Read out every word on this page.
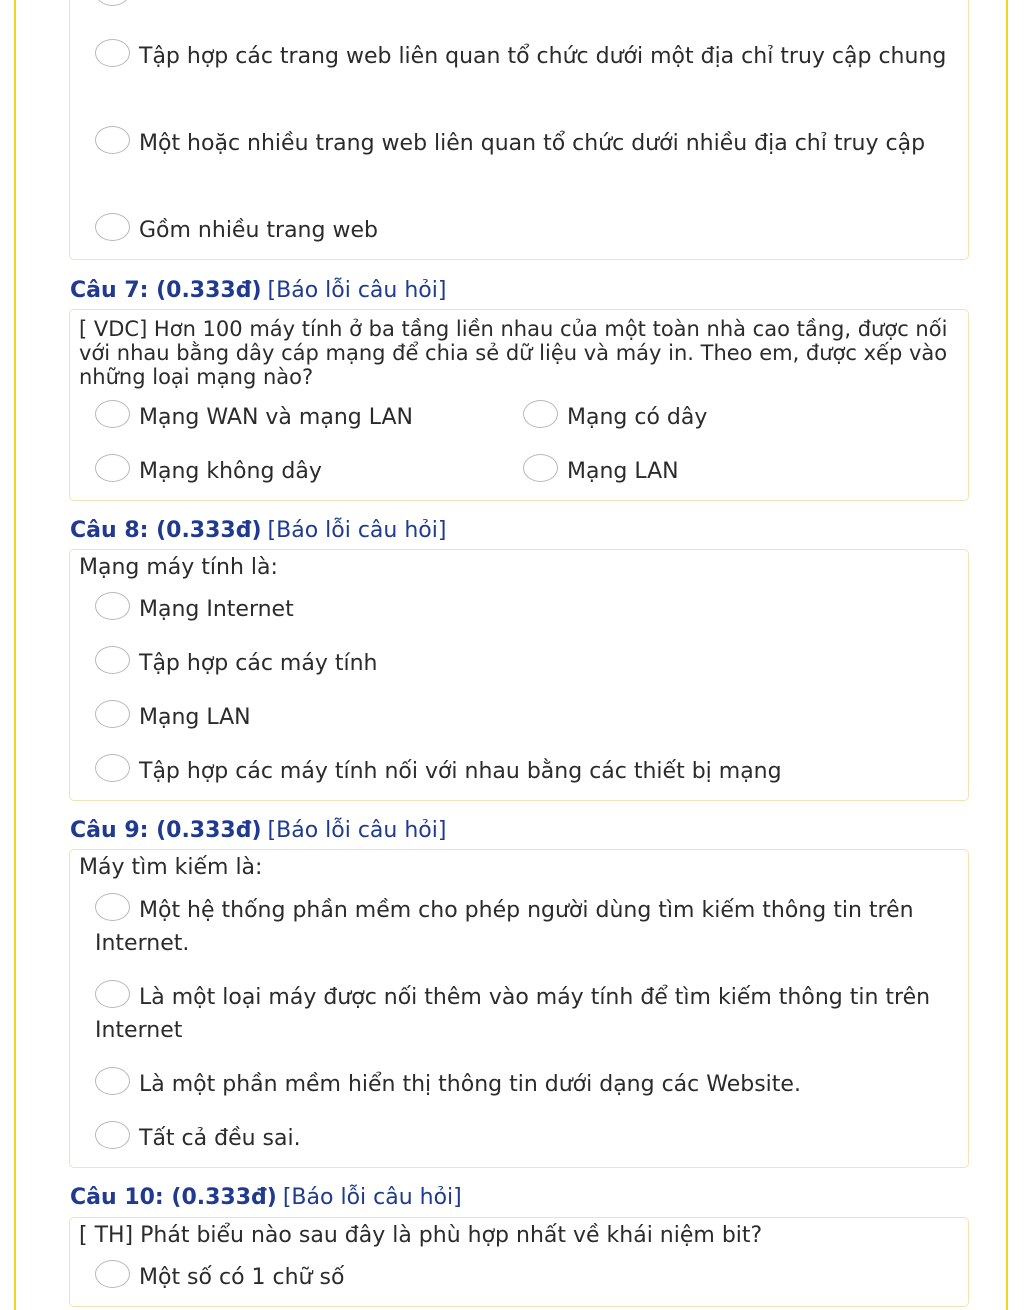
Tập hợp các trang web liên quan tổ chức dưới một địa chỉ truy cập chung
Một hoặc nhiều trang web liên quan tổ chức dưới nhiều địa chỉ truy cập
Gồm nhiều trang web
Câu 7: (0.333đ) [Báo lỗi câu hỏi]
[ VDC] Hơn 100 máy tính ở ba tầng liền nhau của một toàn nhà cao tầng, được nối với nhau bằng dây cáp mạng để chia sẻ dữ liệu và máy in. Theo em, được xếp vào những loại mạng nào?
Mạng WAN và mạng LAN	Mạng có dây
Mạng không dây	Mạng LAN
Câu 8: (0.333đ) [Báo lỗi câu hỏi]
Mạng máy tính là:
Mạng Internet
Tập hợp các máy tính
Mạng LAN
Tập hợp các máy tính nối với nhau bằng các thiết bị mạng
Câu 9: (0.333đ) [Báo lỗi câu hỏi]
Máy tìm kiếm là:
Một hệ thống phần mềm cho phép người dùng tìm kiếm thông tin trên Internet.
Là một loại máy được nối thêm vào máy tính để tìm kiếm thông tin trên Internet
Là một phần mềm hiển thị thông tin dưới dạng các Website.
Tất cả đều sai.
Câu 10: (0.333đ) [Báo lỗi câu hỏi]
[ TH] Phát biểu nào sau đây là phù hợp nhất về khái niệm bit?
Một số có 1 chữ số
